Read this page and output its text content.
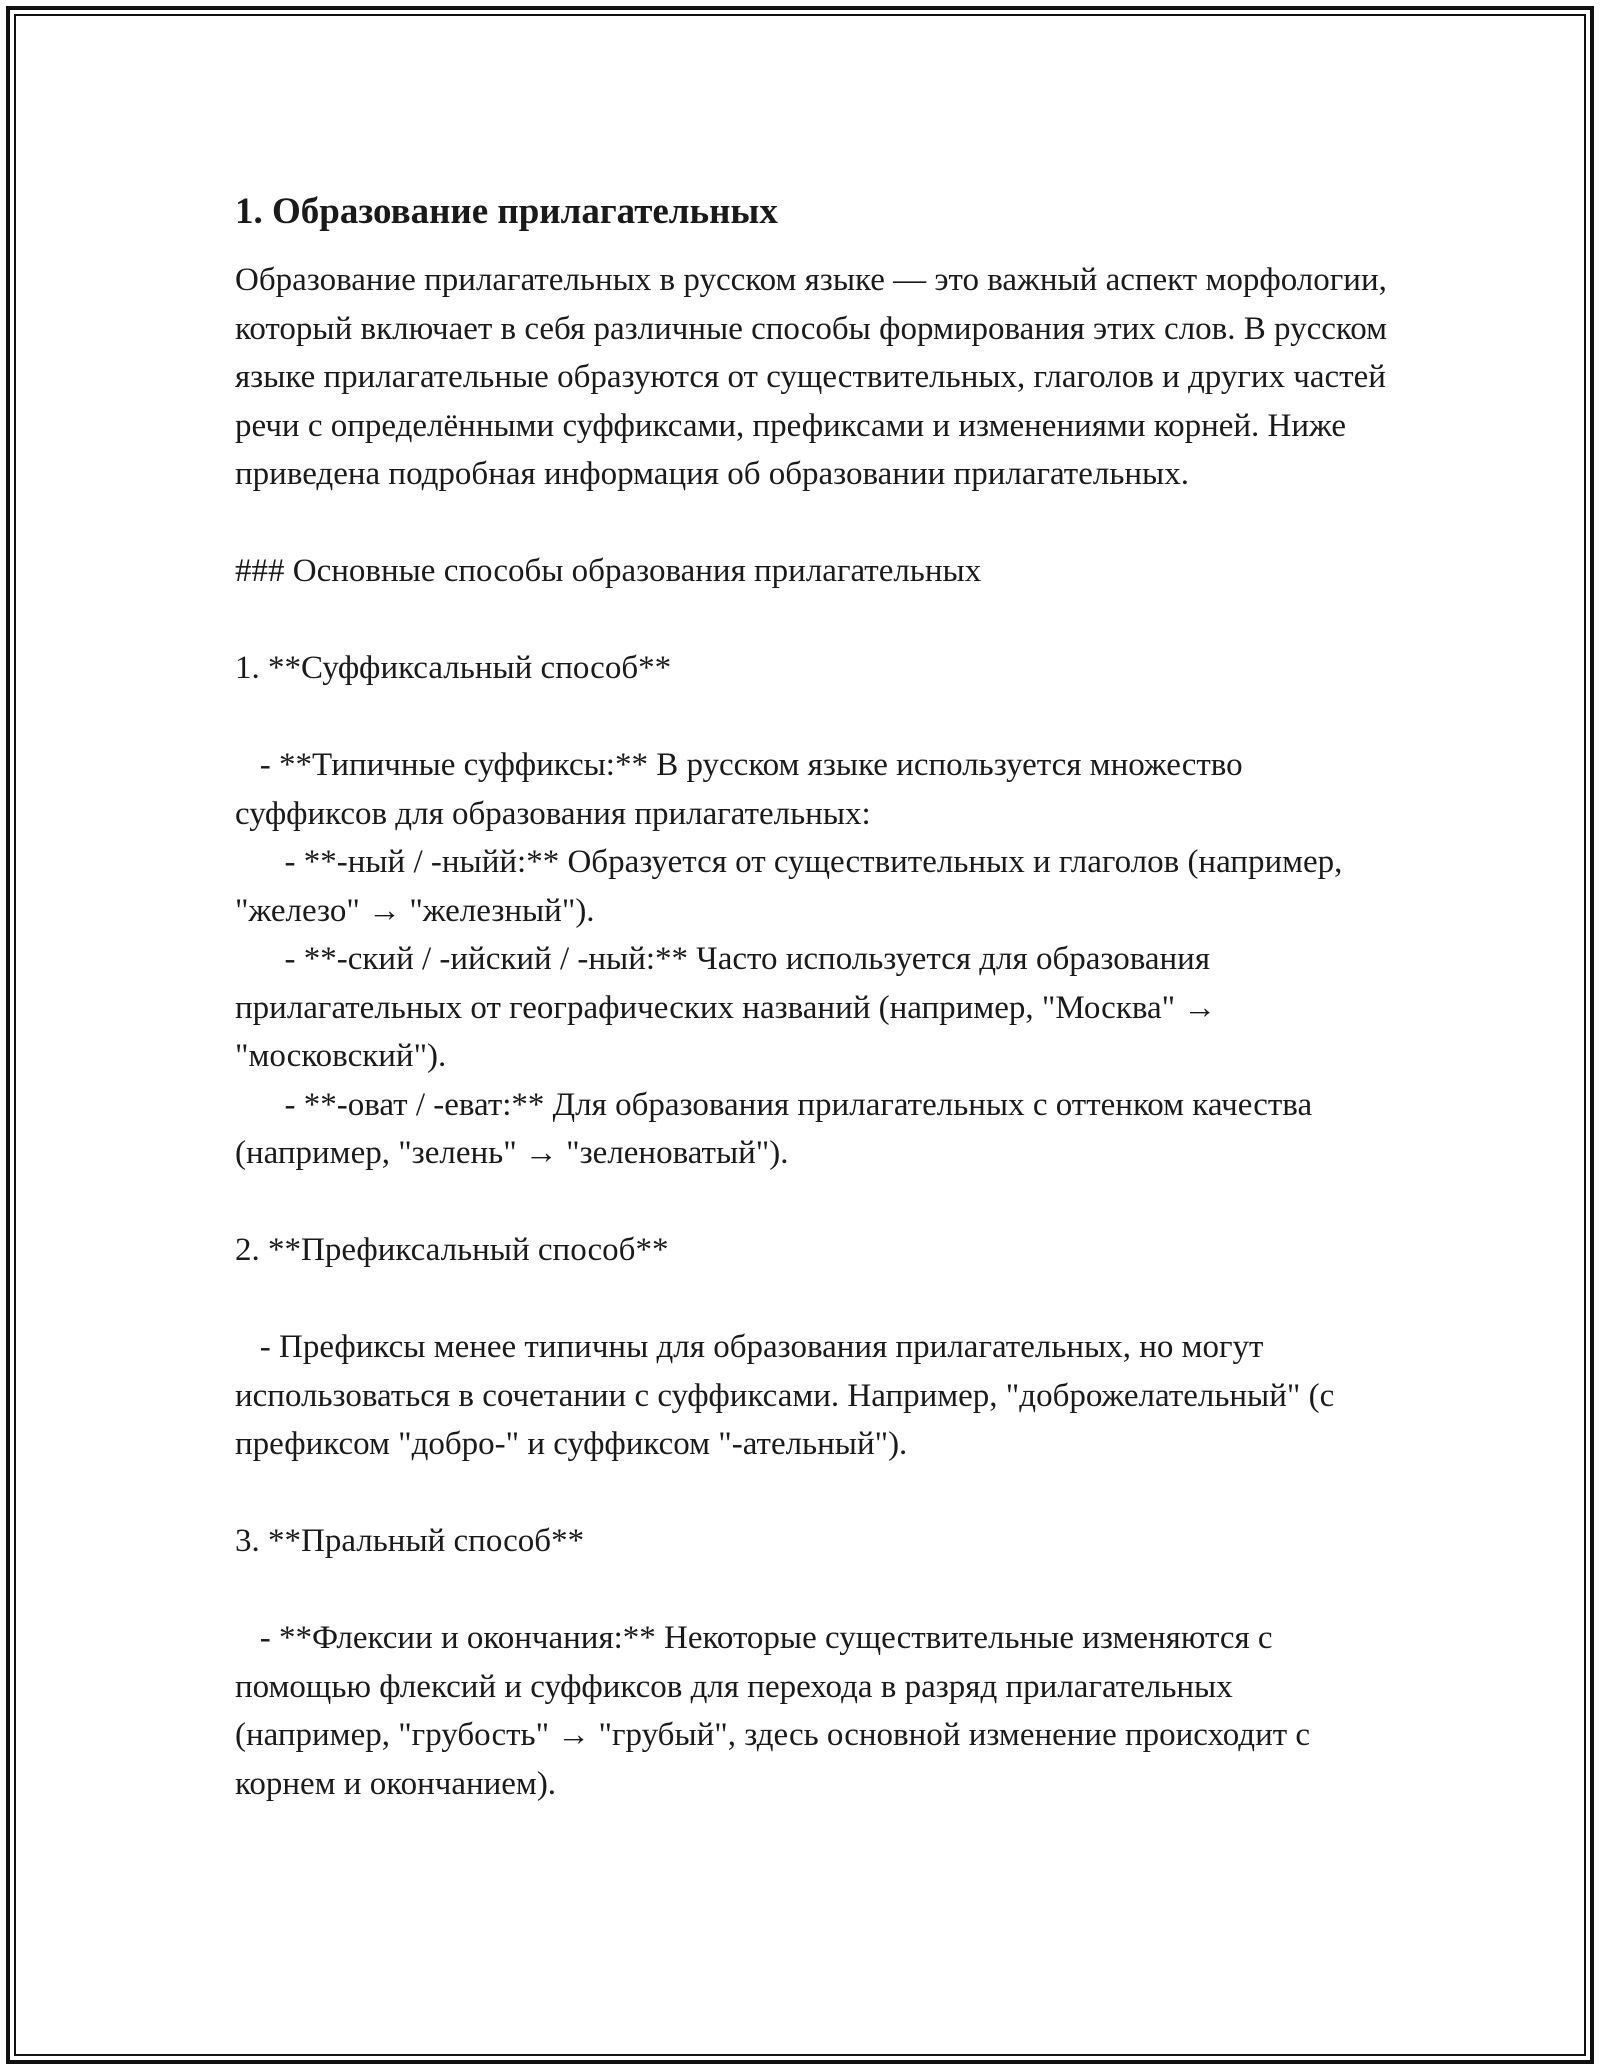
1. Образование прилагательных

Образование прилагательных в русском языке — это важный аспект морфологии, который включает в себя различные способы формирования этих слов. В русском языке прилагательные образуются от существительных, глаголов и других частей речи с определёнными суффиксами, префиксами и изменениями корней. Ниже приведена подробная информация об образовании прилагательных.

### Основные способы образования прилагательных

1. **Суффиксальный способ**

- **Типичные суффиксы:** В русском языке используется множество суффиксов для образования прилагательных:
- **-ный / -ныйй:** Образуется от существительных и глаголов (например, "железо" → "железный").
- **-ский / -ийский / -ный:** Часто используется для образования прилагательных от географических названий (например, "Москва" → "московский").
- **-оват / -еват:** Для образования прилагательных с оттенком качества (например, "зелень" → "зеленоватый").

2. **Префиксальный способ**

- Префиксы менее типичны для образования прилагательных, но могут использоваться в сочетании с суффиксами. Например, "доброжелательный" (с префиксом "добро-" и суффиксом "-ательный").

3. **Пральный способ**

- **Флексии и окончания:** Некоторые существительные изменяются с помощью флексий и суффиксов для перехода в разряд прилагательных (например, "грубость" → "грубый", здесь основной изменение происходит с корнем и окончанием).
